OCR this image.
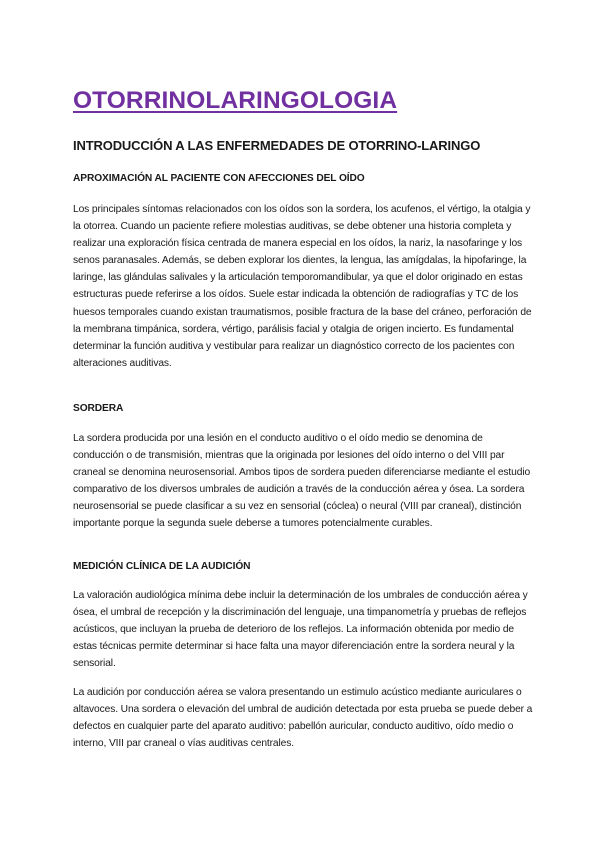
OTORRINOLARINGOLOGIA
INTRODUCCIÓN A LAS ENFERMEDADES DE OTORRINO-LARINGO
APROXIMACIÓN AL PACIENTE CON AFECCIONES DEL OÍDO

Los principales síntomas relacionados con los oídos son la sordera, los acufenos, el vértigo, la otalgia y la otorrea. Cuando un paciente refiere molestias auditivas, se debe obtener una historia completa y realizar una exploración física centrada de manera especial en los oídos, la nariz, la nasofaringe y los senos paranasales. Además, se deben explorar los dientes, la lengua, las amígdalas, la hipofaringe, la laringe, las glándulas salivales y la articulación temporomandibular, ya que el dolor originado en estas estructuras puede referirse a los oídos. Suele estar indicada la obtención de radiografías y TC de los huesos temporales cuando existan traumatismos, posible fractura de la base del cráneo, perforación de la membrana timpánica, sordera, vértigo, parálisis facial y otalgia de origen incierto. Es fundamental determinar la función auditiva y vestibular para realizar un diagnóstico correcto de los pacientes con alteraciones auditivas.

SORDERA

La sordera producida por una lesión en el conducto auditivo o el oído medio se denomina de conducción o de transmisión, mientras que la originada por lesiones del oído interno o del VIII par craneal se denomina neurosensorial. Ambos tipos de sordera pueden diferenciarse mediante el estudio comparativo de los diversos umbrales de audición a través de la conducción aérea y ósea. La sordera neurosensorial se puede clasificar a su vez en sensorial (cóclea) o neural (VIII par craneal), distinción importante porque la segunda suele deberse a tumores potencialmente curables.

MEDICIÓN CLÍNICA DE LA AUDICIÓN

La valoración audiológica mínima debe incluir la determinación de los umbrales de conducción aérea y ósea, el umbral de recepción y la discriminación del lenguaje, una timpanometría y pruebas de reflejos acústicos, que incluyan la prueba de deterioro de los reflejos. La información obtenida por medio de estas técnicas permite determinar si hace falta una mayor diferenciación entre la sordera neural y la sensorial.

La audición por conducción aérea se valora presentando un estimulo acústico mediante auriculares o altavoces. Una sordera o elevación del umbral de audición detectada por esta prueba se puede deber a defectos en cualquier parte del aparato auditivo: pabellón auricular, conducto auditivo, oído medio o interno, VIII par craneal o vías auditivas centrales.
